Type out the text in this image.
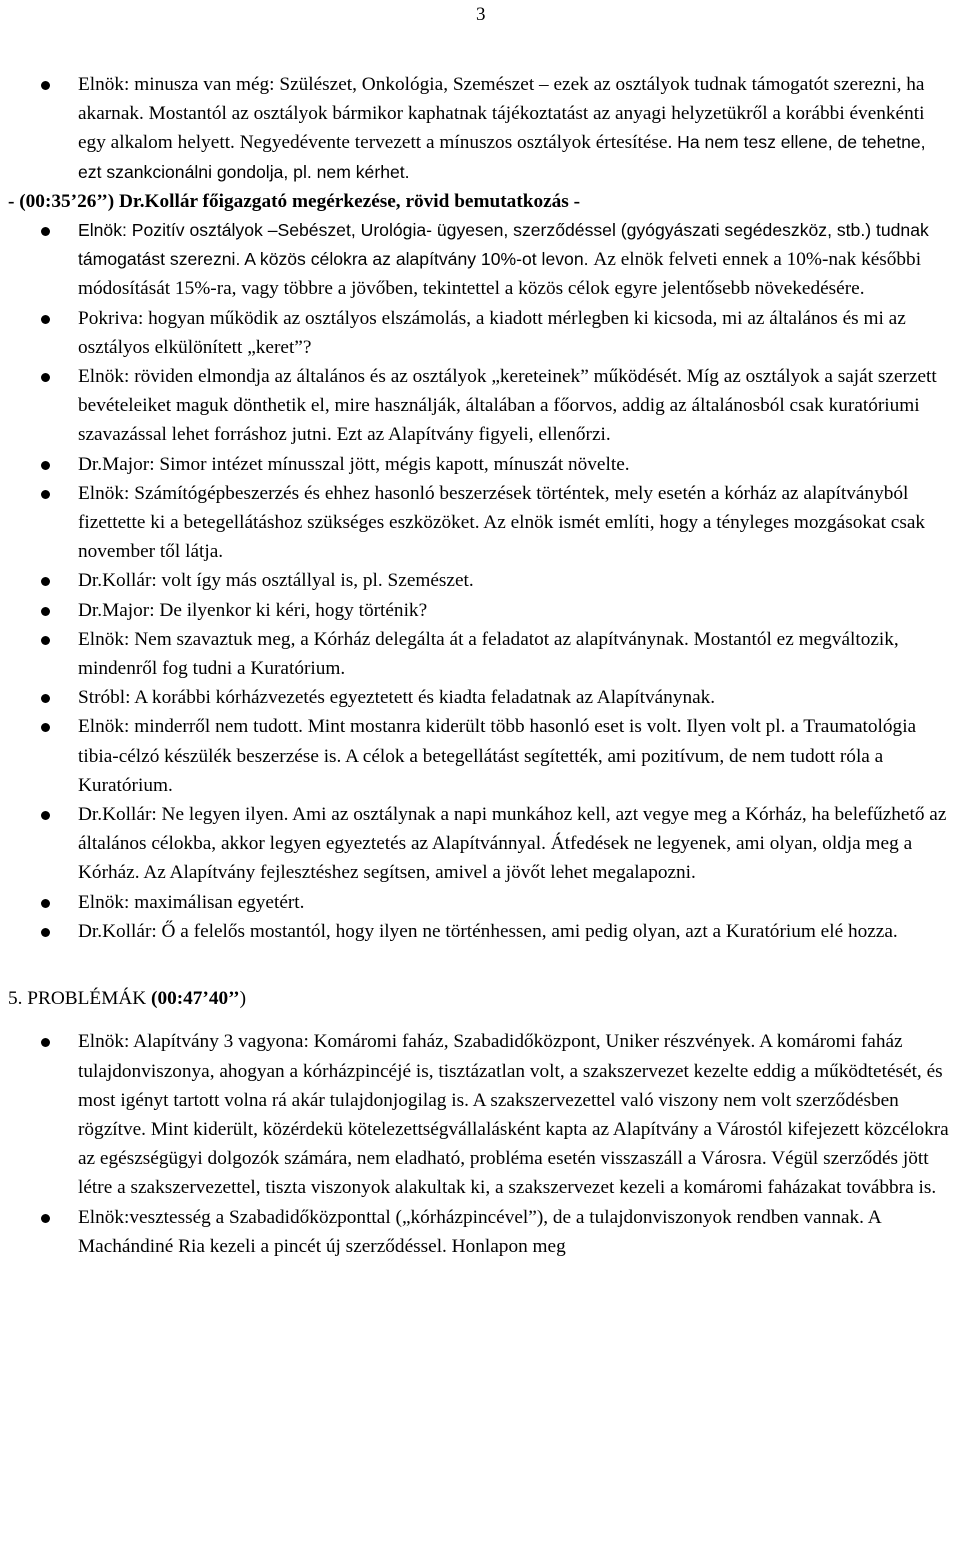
3
Elnök: minusza van még: Szülészet, Onkológia, Szemészet – ezek az osztályok tudnak támogatót szerezni, ha akarnak. Mostantól az osztályok bármikor kaphatnak tájékoztatást az anyagi helyzetükről a korábbi évenkénti egy alkalom helyett. Negyedévente tervezett a mínuszos osztályok értesítése. Ha nem tesz ellene, de tehetne, ezt szankcionálni gondolja, pl. nem kérhet.
- (00:35’26’’) Dr.Kollár főigazgató megérkezése, rövid bemutatkozás -
Elnök: Pozitív osztályok –Sebészet, Urológia- ügyesen, szerződéssel (gyógyászati segédeszköz, stb.) tudnak támogatást szerezni. A közös célokra az alapítvány 10%-ot levon. Az elnök felveti ennek a 10%-nak későbbi módosítását 15%-ra, vagy többre a jövőben, tekintettel a közös célok egyre jelentősebb növekedésére.
Pokriva: hogyan működik az osztályos elszámolás, a kiadott mérlegben ki kicsoda, mi az általános és mi az osztályos elkülönített „keret”?
Elnök: röviden elmondja az általános és az osztályok „kereteinek” működését. Míg az osztályok a saját szerzett bevételeiket maguk dönthetik el, mire használják, általában a főorvos, addig az általánosból csak kuratóriumi szavazással lehet forráshoz jutni. Ezt az Alapítvány figyeli, ellenőrzi.
Dr.Major: Simor intézet mínusszal jött, mégis kapott, mínuszát növelte.
Elnök: Számítógépbeszerzés és ehhez hasonló beszerzések történtek, mely esetén a kórház az alapítványból fizettette ki a betegellátáshoz szükséges eszközöket. Az elnök ismét említi, hogy a tényleges mozgásokat csak november től látja.
Dr.Kollár: volt így más osztállyal is, pl. Szemészet.
Dr.Major: De ilyenkor ki kéri, hogy történik?
Elnök: Nem szavaztuk meg, a Kórház delegálta át a feladatot az alapítványnak. Mostantól ez megváltozik, mindenről fog tudni a Kuratórium.
Stróbl: A korábbi kórházvezetés egyeztetett és kiadta feladatnak az Alapítványnak.
Elnök: minderről nem tudott. Mint mostanra kiderült több hasonló eset is volt. Ilyen volt pl. a Traumatológia tibia-célzó készülék beszerzése is. A célok a betegellátást segítették, ami pozitívum, de nem tudott róla a Kuratórium.
Dr.Kollár: Ne legyen ilyen. Ami az osztálynak a napi munkához kell, azt vegye meg a Kórház, ha belefűzhető az általános célokba, akkor legyen egyeztetés az Alapítvánnyal. Átfedések ne legyenek, ami olyan, oldja meg a Kórház. Az Alapítvány fejlesztéshez segítsen, amivel a jövőt lehet megalapozni.
Elnök: maximálisan egyetért.
Dr.Kollár: Ő a felelős mostantól, hogy ilyen ne történhessen, ami pedig olyan, azt a Kuratórium elé hozza.
5. PROBLÉMÁK (00:47’40’’)
Elnök: Alapítvány 3 vagyona: Komáromi faház, Szabadidőközpont, Uniker részvények. A komáromi faház tulajdonviszonya, ahogyan a kórházpincéjé is, tisztázatlan volt, a szakszervezet kezelte eddig a működtetését, és most igényt tartott volna rá akár tulajdonjogilag is. A szakszervezettel való viszony nem volt szerződésben rögzítve. Mint kiderült, közérdekü kötelezettségvállalásként kapta az Alapítvány a Várostól kifejezett közcélokra az egészségügyi dolgozók számára, nem eladható, probléma esetén visszaszáll a Városra. Végül szerződés jött létre a szakszervezettel, tiszta viszonyok alakultak ki, a szakszervezet kezeli a komáromi faházakat továbbra is.
Elnök:vesztesség a Szabadidőközponttal („kórházpincével”), de a tulajdonviszonyok rendben vannak. A Machándiné Ria kezeli a pincét új szerződéssel. Honlapon meg
